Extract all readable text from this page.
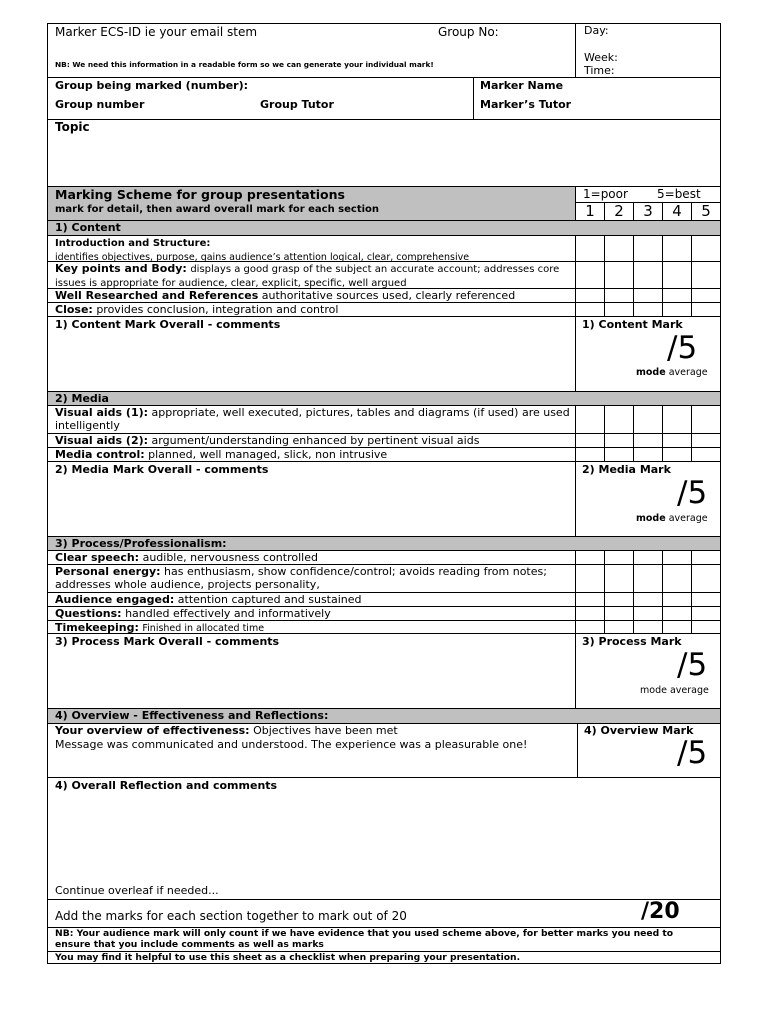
Marker ECS-ID ie your email stem	Group No:	Day:
Week:
Time:
NB: We need this information in a readable form so we can generate your individual mark!
Group being marked (number):
Group number	Group Tutor
Marker Name
Marker’s Tutor
Topic
Marking Scheme for group presentations
mark for detail, then award overall mark for each section
1=poor 5=best
1	2	3	4	5
1) Content
Introduction and Structure:
identifies objectives, purpose, gains audience’s attention logical, clear, comprehensive
Key points and Body: displays a good grasp of the subject an accurate account; addresses core issues is appropriate for audience, clear, explicit, specific, well argued
Well Researched and References authoritative sources used, clearly referenced
Close: provides conclusion, integration and control
1) Content Mark Overall - comments	1) Content Mark
/5
mode average
2) Media
Visual aids (1): appropriate, well executed, pictures, tables and diagrams (if used) are used intelligently
Visual aids (2): argument/understanding enhanced by pertinent visual aids
Media control: planned, well managed, slick, non intrusive
2) Media Mark Overall - comments	2) Media Mark
/5
mode average
3) Process/Professionalism:
Clear speech: audible, nervousness controlled
Personal energy: has enthusiasm, show confidence/control; avoids reading from notes; addresses whole audience, projects personality,
Audience engaged: attention captured and sustained
Questions: handled effectively and informatively
Timekeeping: Finished in allocated time
3) Process Mark Overall - comments	3) Process Mark
/5
mode average
4) Overview - Effectiveness and Reflections:
Your overview of effectiveness: Objectives have been met
Message was communicated and understood. The experience was a pleasurable one!
4) Overview Mark
/5
4) Overall Reflection and comments
Continue overleaf if needed...
Add the marks for each section together to mark out of 20	/20
NB: Your audience mark will only count if we have evidence that you used scheme above, for better marks you need to ensure that you include comments as well as marks
You may find it helpful to use this sheet as a checklist when preparing your presentation.
